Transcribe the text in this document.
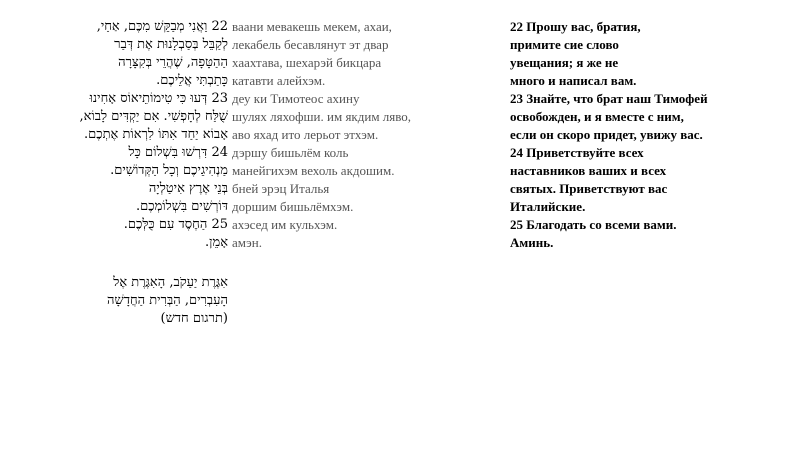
22 וַאֲנִי מְבַקֵּשׁ מִכֶּם, אַחַי,
לְקַבֵּל בְּסַבְלָנוּת אֶת דְּבַר
הַהַטָּפָה, שֶׁהֲרֵי בְּקִצָּרָה
כָּתַבְתִּי אֲלֵיכֶם.
23 דְּעוּ כִּי טִימוֹתֵיאוֹס אָחִינוּ
שֻׁלַּח לְחָפְשִׁי. אִם יַקְדִּים לָבוֹא,
אָבוֹא יַחַד אִתּוֹ לִרְאוֹת אֶתְכֶם.
24 דִּרְשׁוּ בִּשְׁלוֹם כָּל
מַנְהִיגֵיכֶם וְכָל הַקְּדוֹשִׁים.
בְּנֵי אֶרֶץ אִיטַלְיָה
דּוֹרְשִׁים בִּשְׁלוֹמְכֶם.
25 הַחֶסֶד עִם כֻּלְּכֶם.
אָמֵן.
אִגֶּרֶת יַעַקֹב, הָאִגֶּרֶת אֶל
הָעִבְרִים, הַבְּרִית הַחֲדָשָׁה
(תרגום חדש)
ваани мевакешь мекем, ахаи,
лекабель бесавлянут эт двар
хаахтава, шехарэй бикцара
катавти алейхэм.
деу ки Тимотеос ахину
шулях ляхофши. им якдим ляво,
аво яхад ито лерьот этхэм.
дэршу бишьлём коль
манейгихэм вехоль акдошим.
бней эрэц Италья
доршим бишьлёмхэм.
ахэсед им кульхэм.
амэн.
22 Прошу вас, братия,
примите сие слово
увещания; я же не
много и написал вам.
23 Знайте, что брат наш Тимофей
освобожден, и я вместе с ним,
если он скоро придет, увижу вас.
24 Приветствуйте всех
наставников ваших и всех
святых. Приветствуют вас
Италийские.
25 Благодать со всеми вами.
Аминь.
